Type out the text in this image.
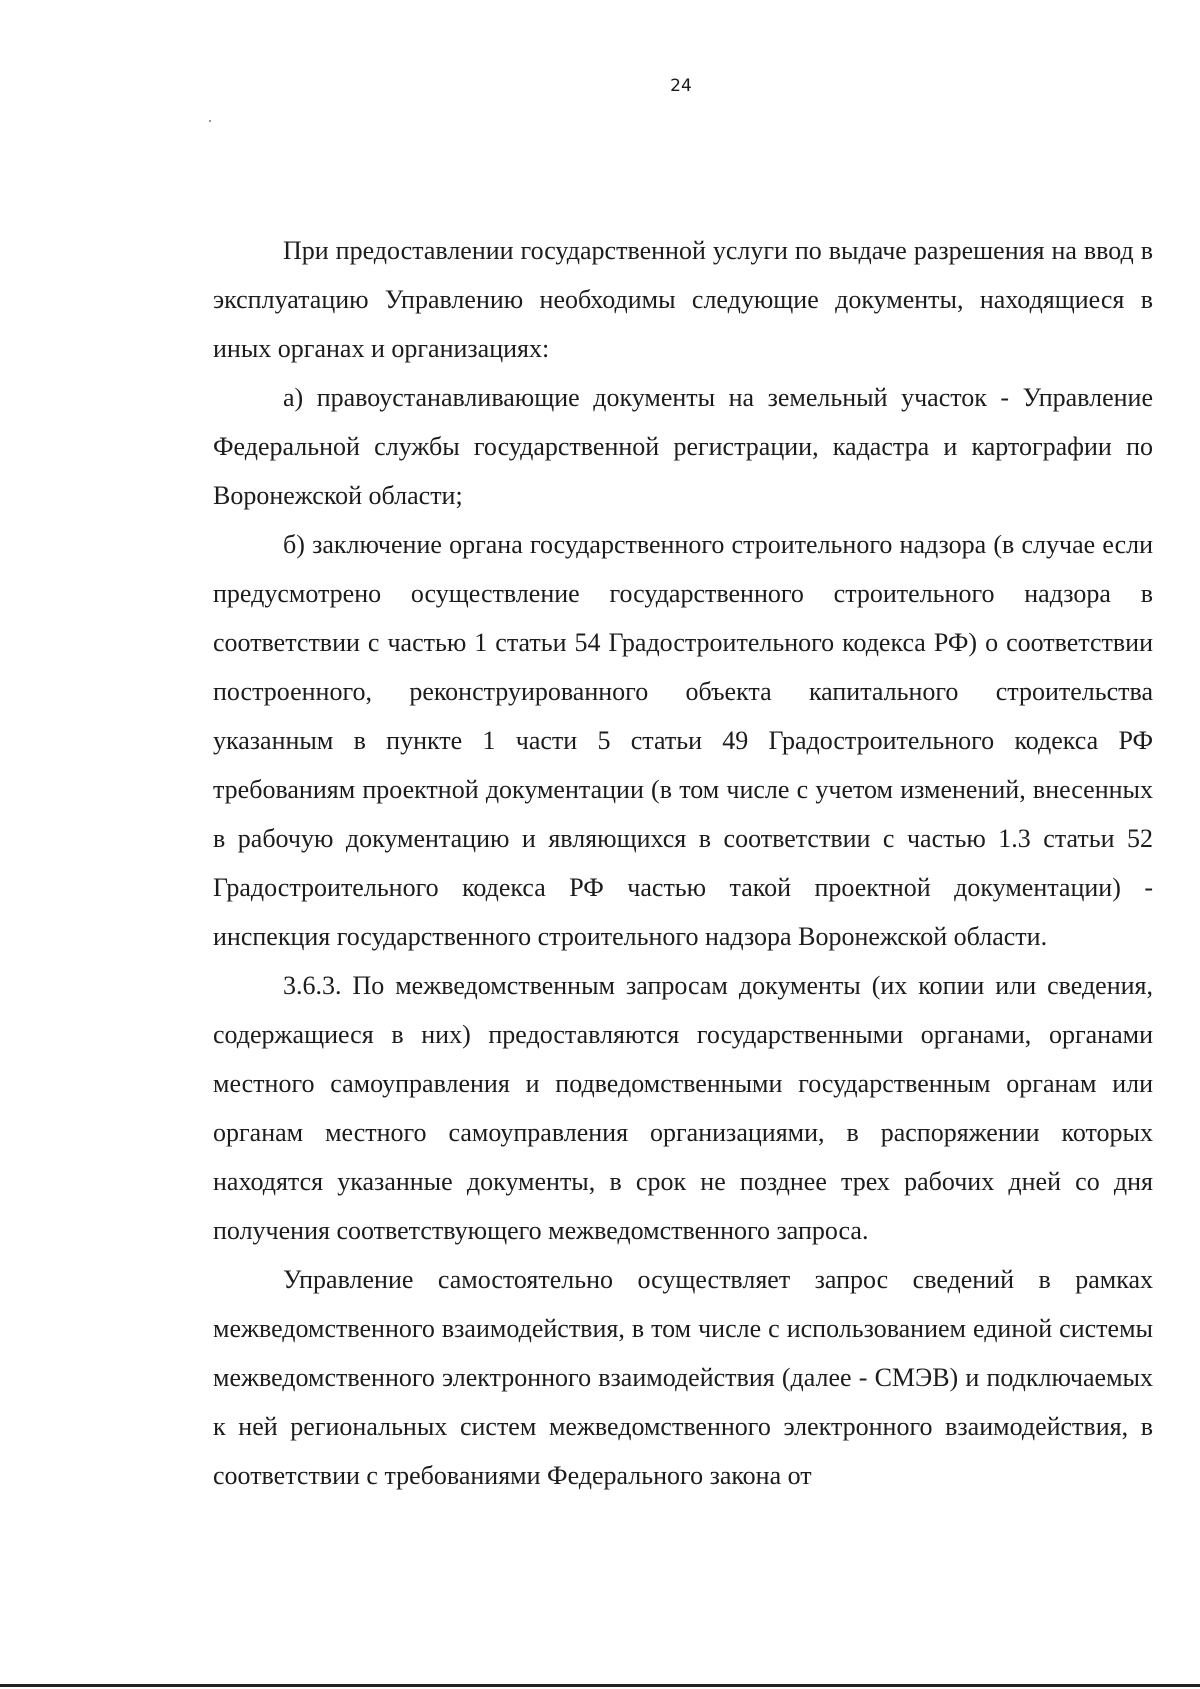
24

При предоставлении государственной услуги по выдаче разрешения на ввод в эксплуатацию Управлению необходимы следующие документы, находящиеся в иных органах и организациях:

а) правоустанавливающие документы на земельный участок - Управление Федеральной службы государственной регистрации, кадастра и картографии по Воронежской области;

б) заключение органа государственного строительного надзора (в случае если предусмотрено осуществление государственного строительного надзора в соответствии с частью 1 статьи 54 Градостроительного кодекса РФ) о соответствии построенного, реконструированного объекта капитального строительства указанным в пункте 1 части 5 статьи 49 Градостроительного кодекса РФ требованиям проектной документации (в том числе с учетом изменений, внесенных в рабочую документацию и являющихся в соответствии с частью 1.3 статьи 52 Градостроительного кодекса РФ частью такой проектной документации) - инспекция государственного строительного надзора Воронежской области.

3.6.3. По межведомственным запросам документы (их копии или сведения, содержащиеся в них) предоставляются государственными органами, органами местного самоуправления и подведомственными государственным органам или органам местного самоуправления организациями, в распоряжении которых находятся указанные документы, в срок не позднее трех рабочих дней со дня получения соответствующего межведомственного запроса.

Управление самостоятельно осуществляет запрос сведений в рамках межведомственного взаимодействия, в том числе с использованием единой системы межведомственного электронного взаимодействия (далее - СМЭВ) и подключаемых к ней региональных систем межведомственного электронного взаимодействия, в соответствии с требованиями Федерального закона от
